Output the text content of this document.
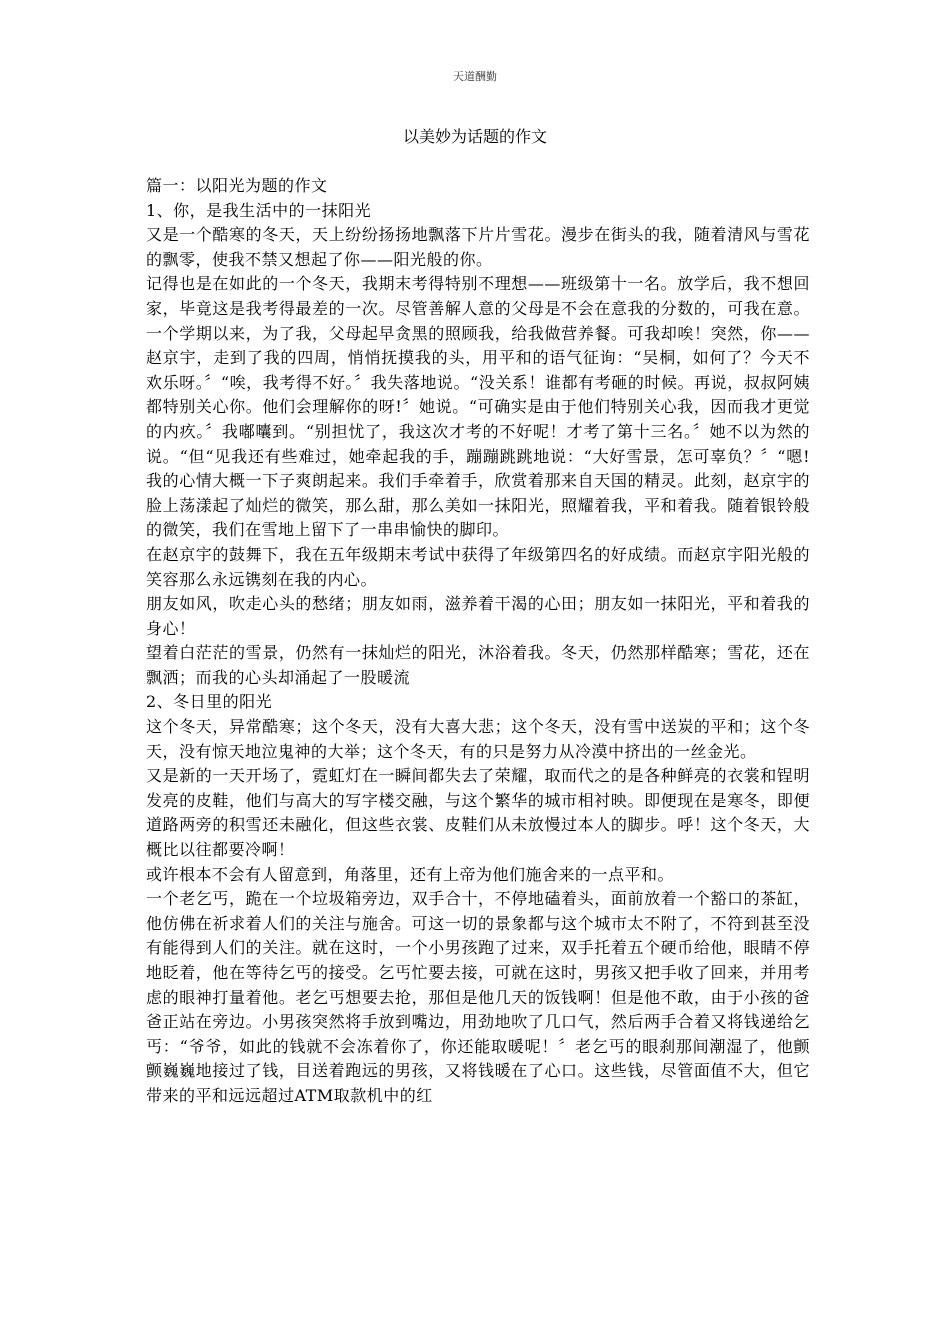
天道酬勤
以美妙为话题的作文

篇一：以阳光为题的作文

1、你，是我生活中的一抹阳光

又是一个酷寒的冬天，天上纷纷扬扬地飘落下片片雪花。漫步在街头的我，随着清风与雪花的飘零，使我不禁又想起了你——阳光般的你。

记得也是在如此的一个冬天，我期末考得特别不理想——班级第十一名。放学后，我不想回家，毕竟这是我考得最差的一次。尽管善解人意的父母是不会在意我的分数的，可我在意。一个学期以来，为了我，父母起早贪黑的照顾我，给我做营养餐。可我却唉！突然，你——赵京宇，走到了我的四周，悄悄抚摸我的头，用平和的语气征询：“吴桐，如何了？今天不欢乐呀。〞“唉，我考得不好。〞我失落地说。“没关系！谁都有考砸的时候。再说，叔叔阿姨都特别关心你。他们会理解你的呀!〞她说。“可确实是由于他们特别关心我，因而我才更觉的内疚。〞我嘟囔到。“别担忧了，我这次才考的不好呢！才考了第十三名。〞她不以为然的说。“但“见我还有些难过，她牵起我的手，蹦蹦跳跳地说：“大好雪景，怎可辜负？〞“嗯!我的心情大概一下子爽朗起来。我们手牵着手，欣赏着那来自天国的精灵。此刻，赵京宇的脸上荡漾起了灿烂的微笑，那么甜，那么美如一抹阳光，照耀着我，平和着我。随着银铃般的微笑，我们在雪地上留下了一串串愉快的脚印。

在赵京宇的鼓舞下，我在五年级期末考试中获得了年级第四名的好成绩。而赵京宇阳光般的笑容那么永远镌刻在我的内心。

朋友如风，吹走心头的愁绪；朋友如雨，滋养着干渴的心田；朋友如一抹阳光，平和着我的身心！

望着白茫茫的雪景，仍然有一抹灿烂的阳光，沐浴着我。冬天，仍然那样酷寒；雪花，还在飘洒；而我的心头却涌起了一股暖流

2、冬日里的阳光

这个冬天，异常酷寒；这个冬天，没有大喜大悲；这个冬天，没有雪中送炭的平和；这个冬天，没有惊天地泣鬼神的大举；这个冬天，有的只是努力从冷漠中挤出的一丝金光。

又是新的一天开场了，霓虹灯在一瞬间都失去了荣耀，取而代之的是各种鲜亮的衣裳和锃明发亮的皮鞋，他们与高大的写字楼交融，与这个繁华的城市相衬映。即便现在是寒冬，即便道路两旁的积雪还未融化，但这些衣裳、皮鞋们从未放慢过本人的脚步。呼！这个冬天，大概比以往都要冷啊！

或许根本不会有人留意到，角落里，还有上帝为他们施舍来的一点平和。

一个老乞丐，跪在一个垃圾箱旁边，双手合十，不停地磕着头，面前放着一个豁口的茶缸，他仿佛在祈求着人们的关注与施舍。可这一切的景象都与这个城市太不附了，不符到甚至没有能得到人们的关注。就在这时，一个小男孩跑了过来，双手托着五个硬币给他，眼睛不停地眨着，他在等待乞丐的接受。乞丐忙要去接，可就在这时，男孩又把手收了回来，并用考虑的眼神打量着他。老乞丐想要去抢，那但是他几天的饭钱啊！但是他不敢，由于小孩的爸爸正站在旁边。小男孩突然将手放到嘴边，用劲地吹了几口气，然后两手合着又将钱递给乞丐：“爷爷，如此的钱就不会冻着你了，你还能取暖呢！〞老乞丐的眼刹那间潮湿了，他颤颤巍巍地接过了钱，目送着跑远的男孩，又将钱暖在了心口。这些钱，尽管面值不大，但它带来的平和远远超过ATM取款机中的红
